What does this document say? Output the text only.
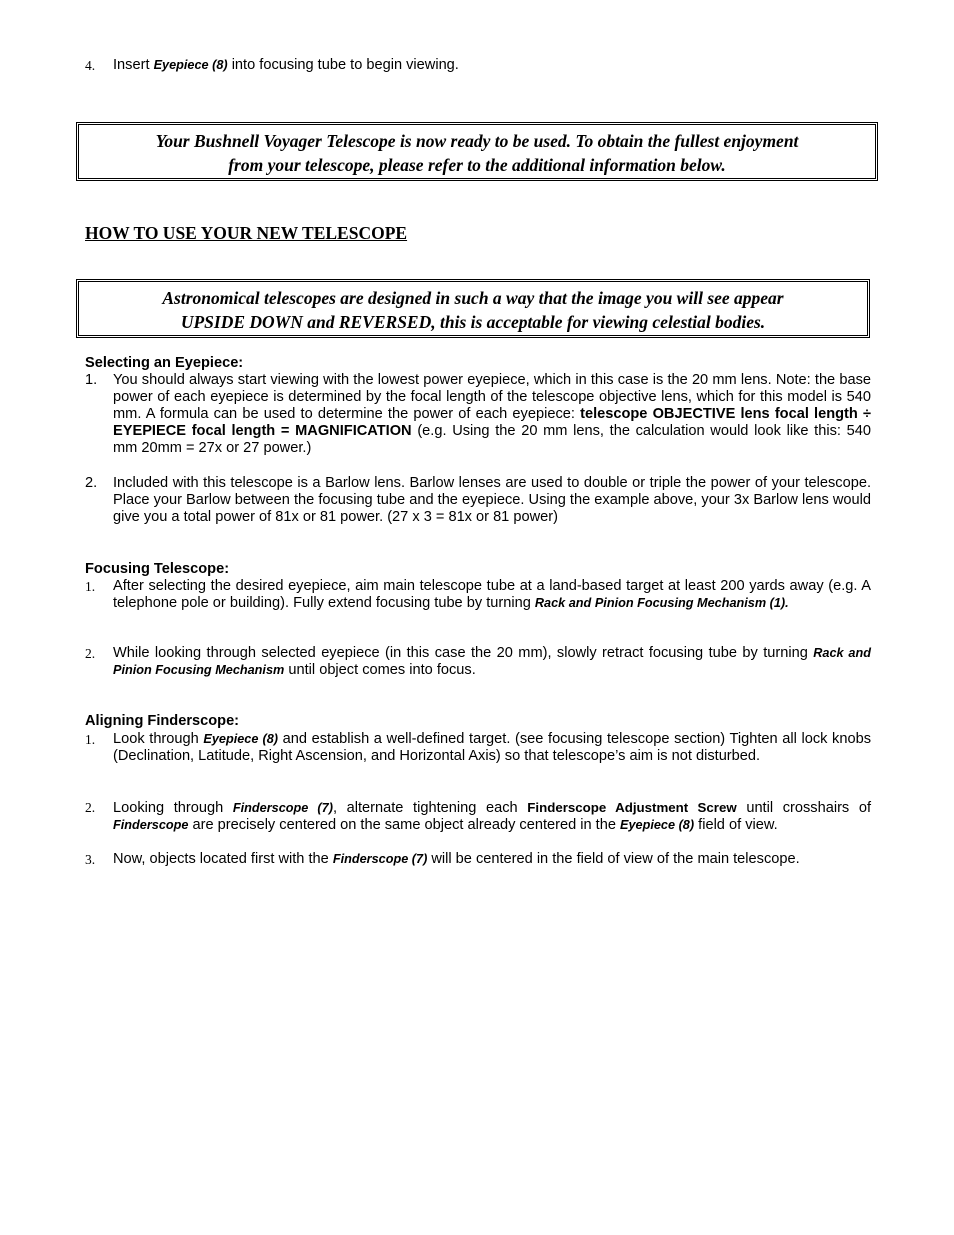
4. Insert Eyepiece (8) into focusing tube to begin viewing.
Your Bushnell Voyager Telescope is now ready to be used. To obtain the fullest enjoyment
from your telescope, please refer to the additional information below.
HOW TO USE YOUR NEW TELESCOPE
Astronomical telescopes are designed in such a way that the image you will see appear
UPSIDE DOWN and REVERSED, this is acceptable for viewing celestial bodies.
Selecting an Eyepiece:
1. You should always start viewing with the lowest power eyepiece, which in this case is the 20 mm lens. Note: the base power of each eyepiece is determined by the focal length of the telescope objective lens, which for this model is 540 mm. A formula can be used to determine the power of each eyepiece: telescope OBJECTIVE lens focal length ÷ EYEPIECE focal length = MAGNIFICATION (e.g. Using the 20 mm lens, the calculation would look like this: 540 mm 20mm = 27x or 27 power.)
2. Included with this telescope is a Barlow lens. Barlow lenses are used to double or triple the power of your telescope. Place your Barlow between the focusing tube and the eyepiece. Using the example above, your 3x Barlow lens would give you a total power of 81x or 81 power. (27 x 3 = 81x or 81 power)
Focusing Telescope:
1. After selecting the desired eyepiece, aim main telescope tube at a land-based target at least 200 yards away (e.g. A telephone pole or building). Fully extend focusing tube by turning Rack and Pinion Focusing Mechanism (1).
2. While looking through selected eyepiece (in this case the 20 mm), slowly retract focusing tube by turning Rack and Pinion Focusing Mechanism until object comes into focus.
Aligning Finderscope:
1. Look through Eyepiece (8) and establish a well-defined target. (see focusing telescope section) Tighten all lock knobs (Declination, Latitude, Right Ascension, and Horizontal Axis) so that telescope’s aim is not disturbed.
2. Looking through Finderscope (7), alternate tightening each Finderscope Adjustment Screw until crosshairs of Finderscope are precisely centered on the same object already centered in the Eyepiece (8) field of view.
3. Now, objects located first with the Finderscope (7) will be centered in the field of view of the main telescope.
